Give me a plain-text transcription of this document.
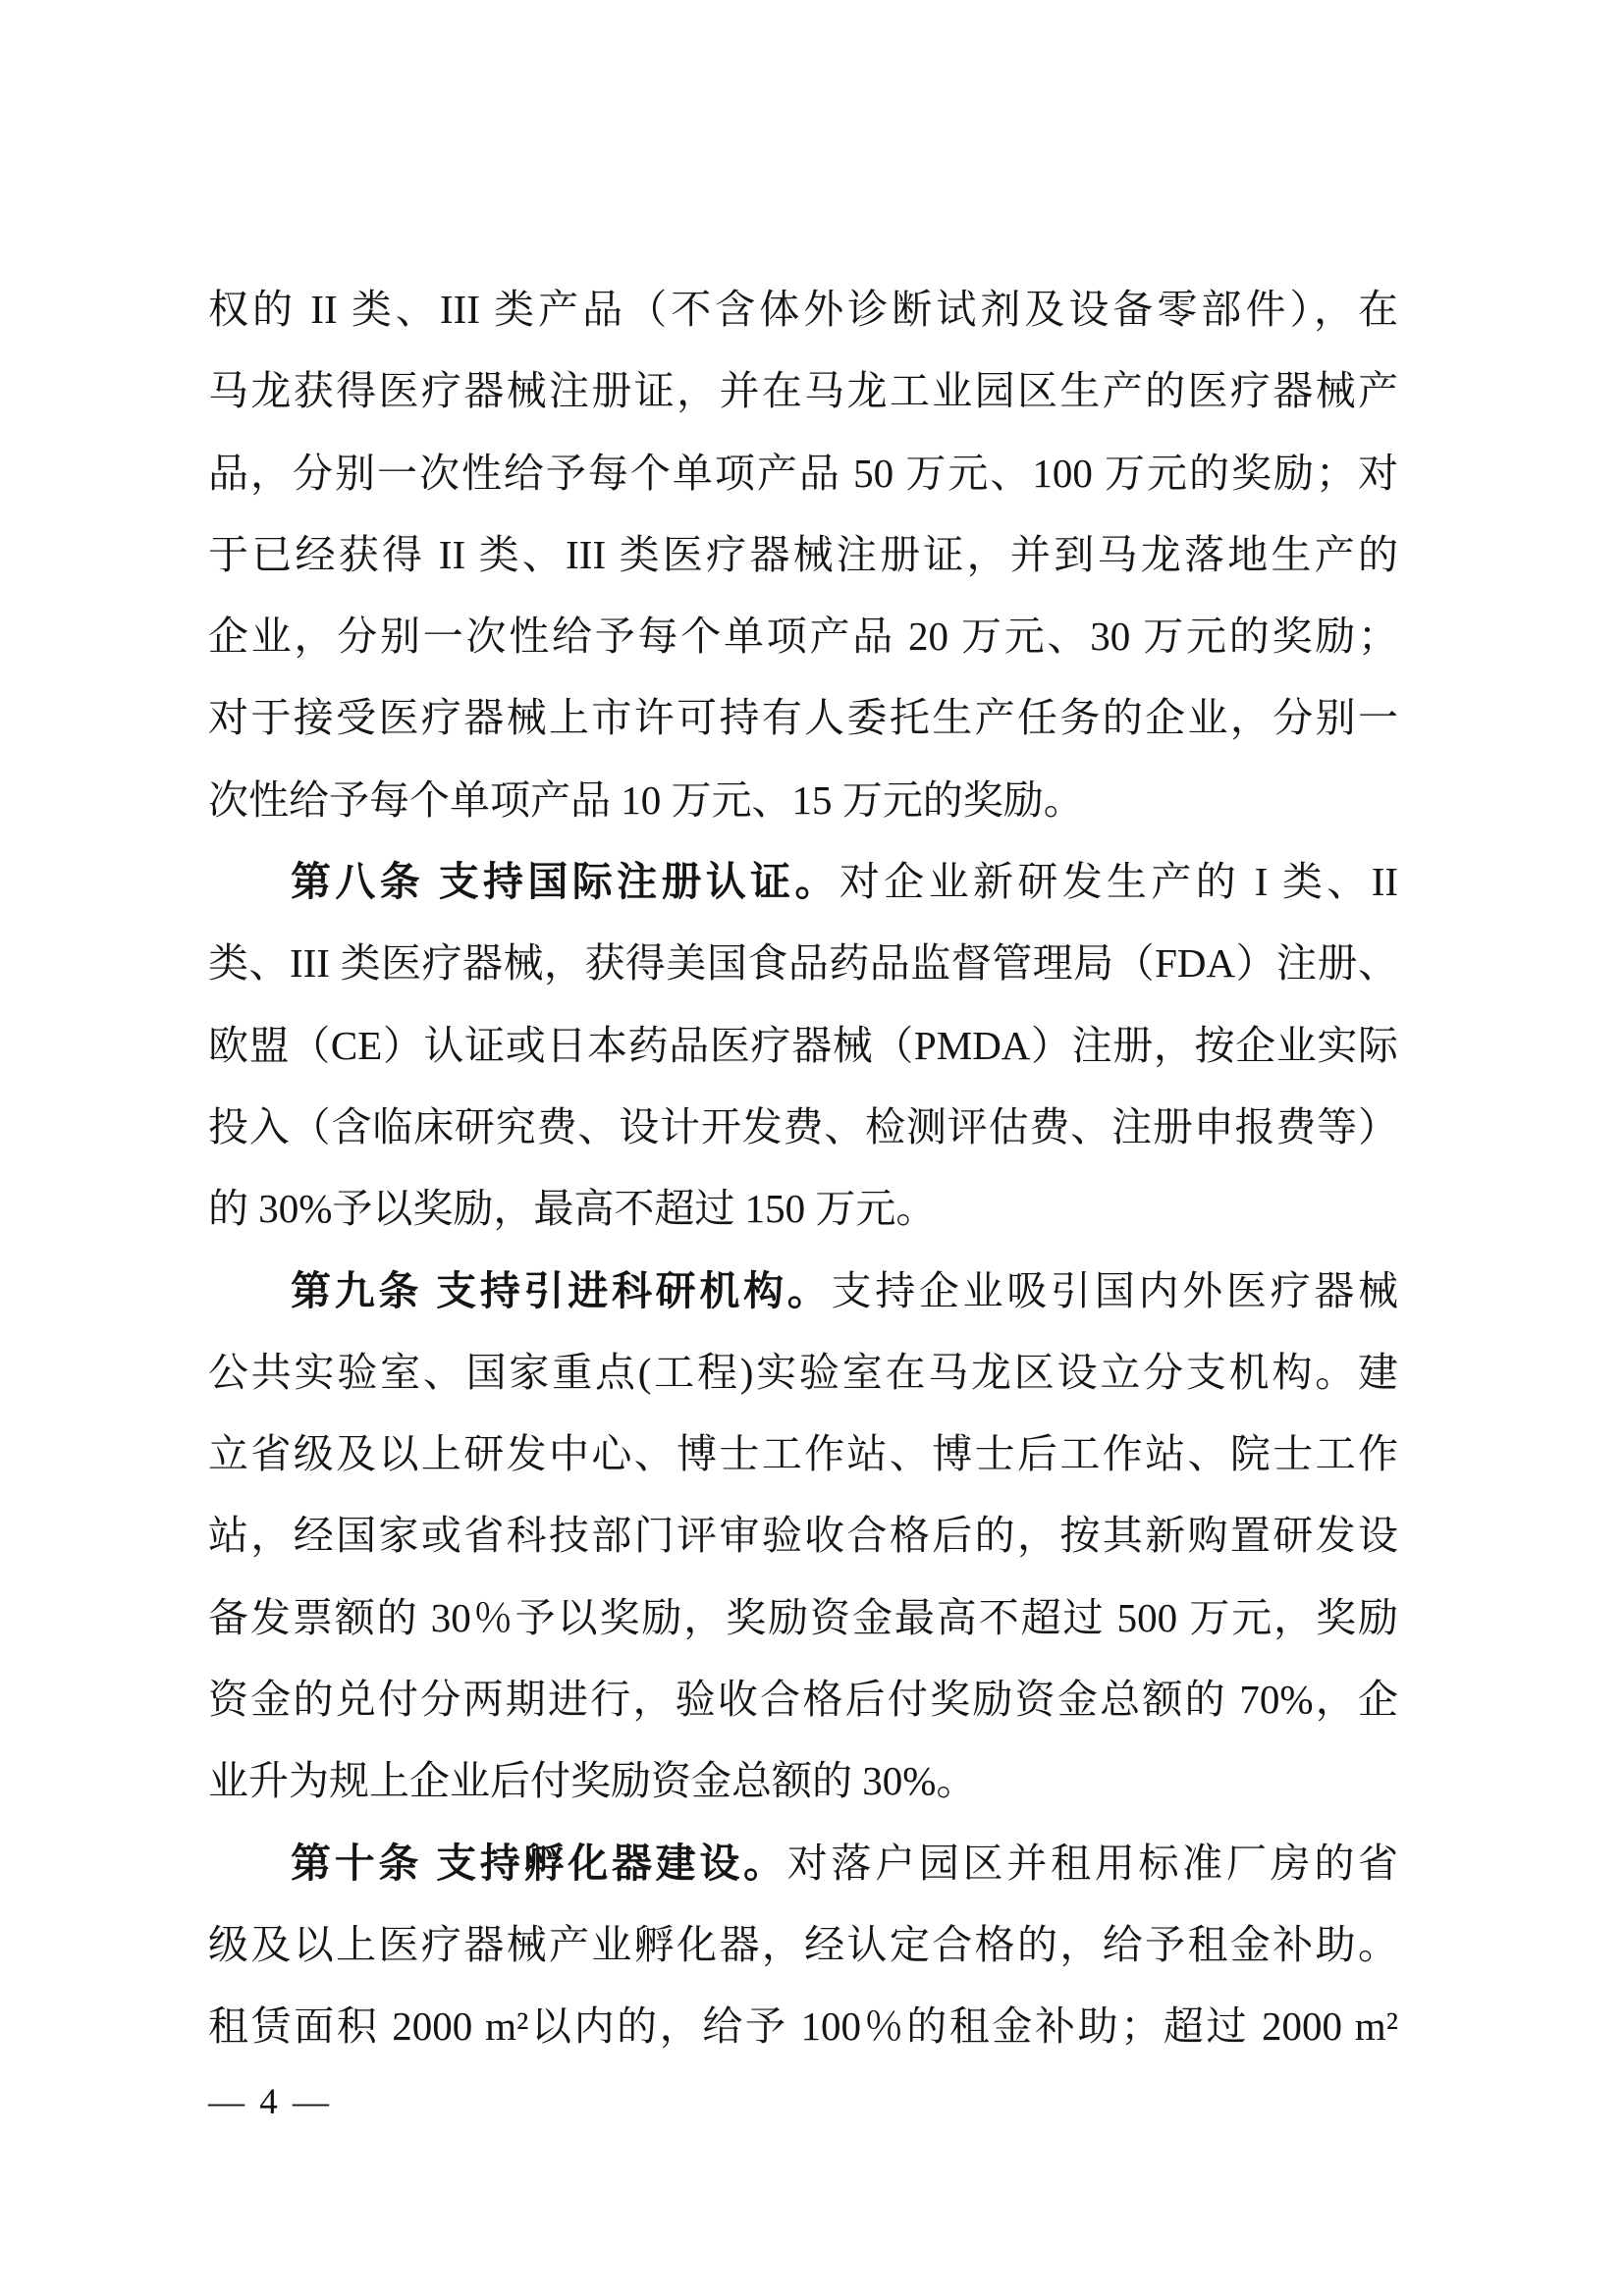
权的 II 类、III 类产品（不含体外诊断试剂及设备零部件），在
马龙获得医疗器械注册证，并在马龙工业园区生产的医疗器械产
品，分别一次性给予每个单项产品 50 万元、100 万元的奖励；对
于已经获得 II 类、III 类医疗器械注册证，并到马龙落地生产的
企业，分别一次性给予每个单项产品 20 万元、30 万元的奖励；
对于接受医疗器械上市许可持有人委托生产任务的企业，分别一
次性给予每个单项产品 10 万元、15 万元的奖励。
第八条 支持国际注册认证。对企业新研发生产的 I 类、II
类、III 类医疗器械，获得美国食品药品监督管理局（FDA）注册、
欧盟（CE）认证或日本药品医疗器械（PMDA）注册，按企业实际
投入（含临床研究费、设计开发费、检测评估费、注册申报费等）
的 30%予以奖励，最高不超过 150 万元。
第九条 支持引进科研机构。支持企业吸引国内外医疗器械
公共实验室、国家重点(工程)实验室在马龙区设立分支机构。建
立省级及以上研发中心、博士工作站、博士后工作站、院士工作
站，经国家或省科技部门评审验收合格后的，按其新购置研发设
备发票额的 30％予以奖励，奖励资金最高不超过 500 万元，奖励
资金的兑付分两期进行，验收合格后付奖励资金总额的 70%，企
业升为规上企业后付奖励资金总额的 30%。
第十条 支持孵化器建设。对落户园区并租用标准厂房的省
级及以上医疗器械产业孵化器，经认定合格的，给予租金补助。
租赁面积 2000 m²以内的，给予 100％的租金补助；超过 2000 m²
— 4 —
